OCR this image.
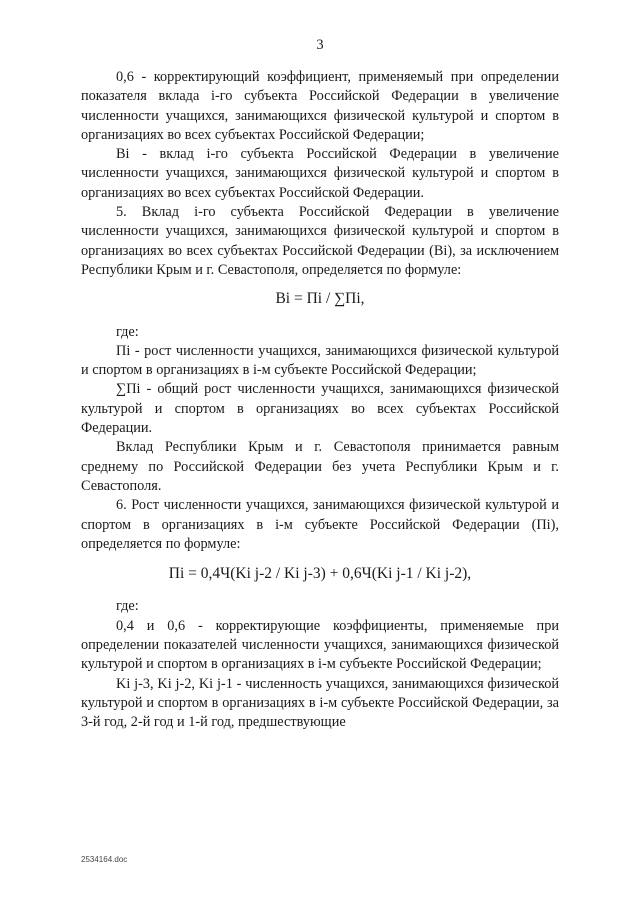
3

0,6 - корректирующий коэффициент, применяемый при определении показателя вклада i-го субъекта Российской Федерации в увеличение численности учащихся, занимающихся физической культурой и спортом в организациях во всех субъектах Российской Федерации;

Bi - вклад i-го субъекта Российской Федерации в увеличение численности учащихся, занимающихся физической культурой и спортом в организациях во всех субъектах Российской Федерации.

5. Вклад i-го субъекта Российской Федерации в увеличение численности учащихся, занимающихся физической культурой и спортом в организациях во всех субъектах Российской Федерации (Bi), за исключением Республики Крым и г. Севастополя, определяется по формуле:

Bi = Пi / ∑Пi,

где:

Пi - рост численности учащихся, занимающихся физической культурой и спортом в организациях в i-м субъекте Российской Федерации;

∑Пi - общий рост численности учащихся, занимающихся физической культурой и спортом в организациях во всех субъектах Российской Федерации.

Вклад Республики Крым и г. Севастополя принимается равным среднему по Российской Федерации без учета Республики Крым и г. Севастополя.

6. Рост численности учащихся, занимающихся физической культурой и спортом в организациях в i-м субъекте Российской Федерации (Пi), определяется по формуле:

Пi = 0,4Ч(Ki j-2 / Ki j-3) + 0,6Ч(Ki j-1 / Ki j-2),

где:

0,4 и 0,6 - корректирующие коэффициенты, применяемые при определении показателей численности учащихся, занимающихся физической культурой и спортом в организациях в i-м субъекте Российской Федерации;

Ki j-3, Ki j-2, Ki j-1 - численность учащихся, занимающихся физической культурой и спортом в организациях в i-м субъекте Российской Федерации, за 3-й год, 2-й год и 1-й год, предшествующие

2534164.doc
